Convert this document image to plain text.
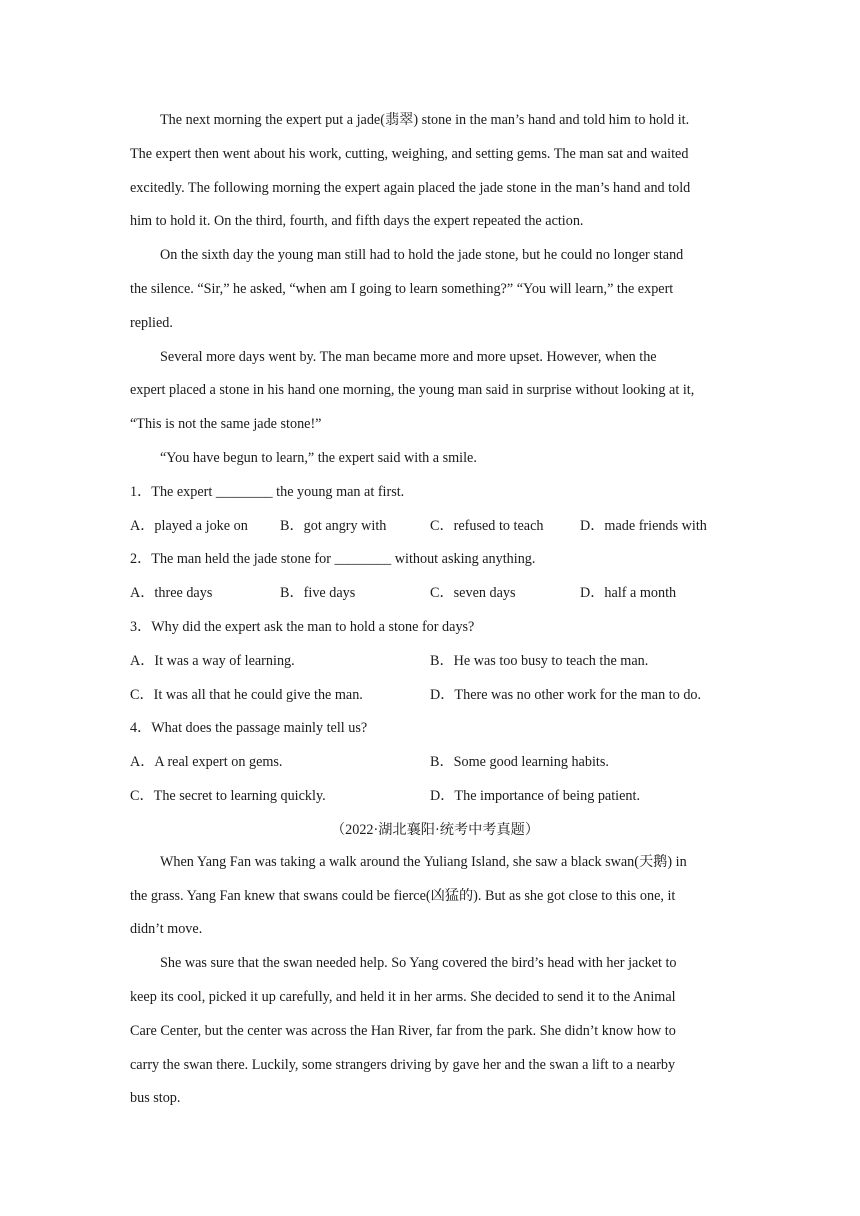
The next morning the expert put a jade(翡翠) stone in the man’s hand and told him to hold it.
The expert then went about his work, cutting, weighing, and setting gems. The man sat and waited
excitedly. The following morning the expert again placed the jade stone in the man’s hand and told
him to hold it. On the third, fourth, and fifth days the expert repeated the action.
On the sixth day the young man still had to hold the jade stone, but he could no longer stand
the silence. “Sir,” he asked, “when am I going to learn something?” “You will learn,” the expert
replied.
Several more days went by. The man became more and more upset. However, when the
expert placed a stone in his hand one morning, the young man said in surprise without looking at it,
“This is not the same jade stone!”
“You have begun to learn,” the expert said with a smile.
1．The expert ________ the young man at first.
A．played a joke on B．got angry with	C．refused to teach	D．made friends with
2．The man held the jade stone for ________ without asking anything.
A．three days	B．five days	C．seven days	D．half a month
3．Why did the expert ask the man to hold a stone for days?
A．It was a way of learning.	B．He was too busy to teach the man.
C．It was all that he could give the man.	D．There was no other work for the man to do.
4．What does the passage mainly tell us?
A．A real expert on gems.	B．Some good learning habits.
C．The secret to learning quickly.	D．The importance of being patient.
（2022·湖北襄阳·统考中考真题）
When Yang Fan was taking a walk around the Yuliang Island, she saw a black swan(天鹅) in
the grass. Yang Fan knew that swans could be fierce(凶猛的). But as she got close to this one, it
didn’t move.
She was sure that the swan needed help. So Yang covered the bird’s head with her jacket to
keep its cool, picked it up carefully, and held it in her arms. She decided to send it to the Animal
Care Center, but the center was across the Han River, far from the park. She didn’t know how to
carry the swan there. Luckily, some strangers driving by gave her and the swan a lift to a nearby
bus stop.
